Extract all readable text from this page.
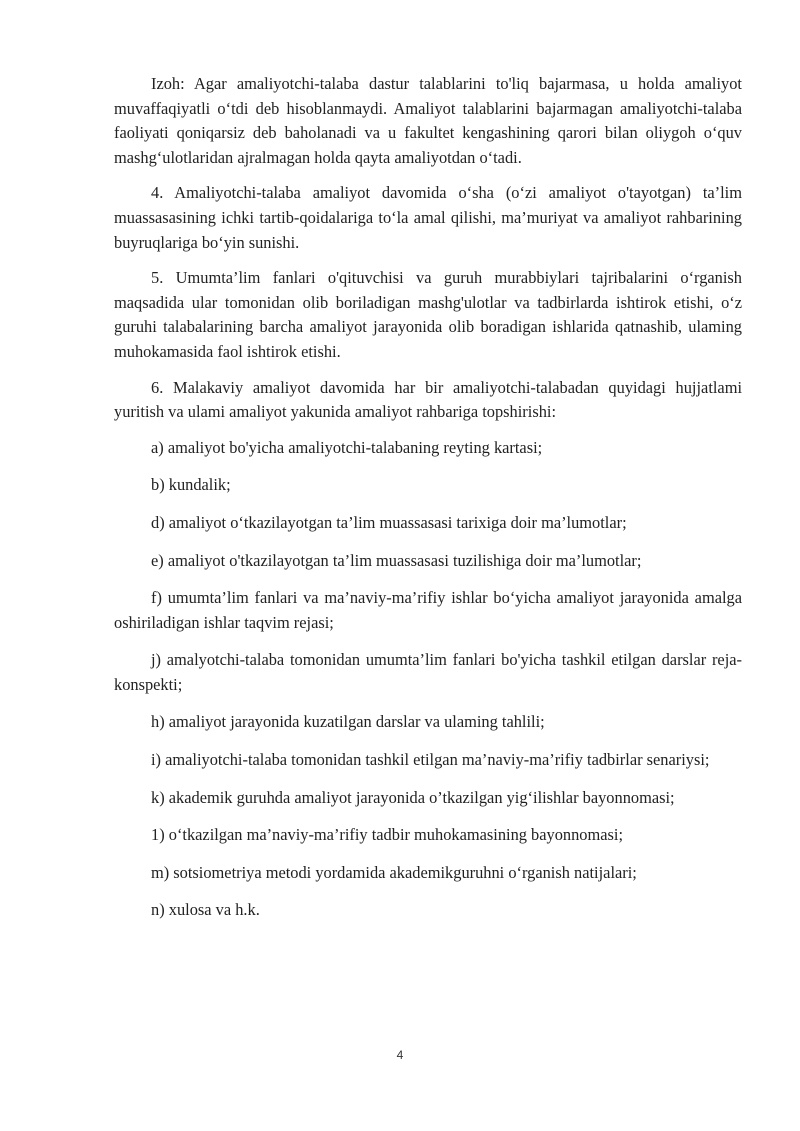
Izoh: Agar amaliyotchi-talaba dastur talablarini to'liq bajarmasa, u holda amaliyot muvaffaqiyatli o‘tdi deb hisoblanmaydi. Amaliyot talablarini bajarmagan amaliyotchi-talaba faoliyati qoniqarsiz deb baholanadi va u fakultet kengashining qarori bilan oliygoh o‘quv mashg‘ulotlaridan ajralmagan holda qayta amaliyotdan o‘tadi.

4. Amaliyotchi-talaba amaliyot davomida o‘sha (o‘zi amaliyot o'tayotgan) ta’lim muassasasining ichki tartib-qoidalariga to‘la amal qilishi, ma’muriyat va amaliyot rahbarining buyruqlariga bo‘yin sunishi.

5. Umumta’lim fanlari o'qituvchisi va guruh murabbiylari tajribalarini o‘rganish maqsadida ular tomonidan olib boriladigan mashg'ulotlar va tadbirlarda ishtirok etishi, o‘z guruhi talabalarining barcha amaliyot jarayonida olib boradigan ishlarida qatnashib, ulaming muhokamasida faol ishtirok etishi.

6. Malakaviy amaliyot davomida har bir amaliyotchi-talabadan quyidagi hujjatlami yuritish va ulami amaliyot yakunida amaliyot rahbariga topshirishi:

a) amaliyot bo'yicha amaliyotchi-talabaning reyting kartasi;

b) kundalik;

d) amaliyot o‘tkazilayotgan ta’lim muassasasi tarixiga doir ma’lumotlar;

e) amaliyot o'tkazilayotgan ta’lim muassasasi tuzilishiga doir ma’lumotlar;

f) umumta’lim fanlari va ma’naviy-ma’rifiy ishlar bo‘yicha amaliyot jarayonida amalga oshiriladigan ishlar taqvim rejasi;

j) amalyotchi-talaba tomonidan umumta’lim fanlari bo'yicha tashkil etilgan darslar reja-konspekti;

h) amaliyot jarayonida kuzatilgan darslar va ulaming tahlili;

i) amaliyotchi-talaba tomonidan tashkil etilgan ma’naviy-ma’rifiy tadbirlar senariysi;

k) akademik guruhda amaliyot jarayonida o’tkazilgan yig‘ilishlar bayonnomasi;

1) o‘tkazilgan ma’naviy-ma’rifiy tadbir muhokamasining bayonnomasi;

m) sotsiometriya metodi yordamida akademikguruhni o‘rganish natijalari;

n) xulosa va h.k.

4
